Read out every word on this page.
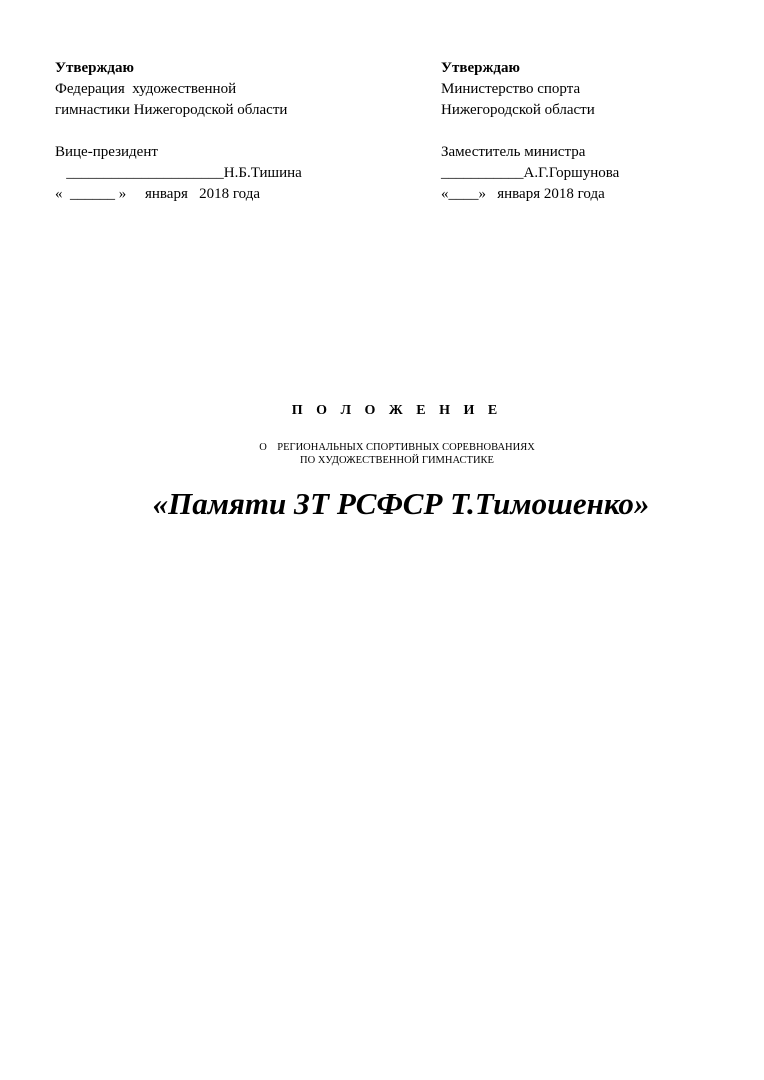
Утверждаю
Федерация  художественной
гимнастики Нижегородской области
Вице-президент
_____________________Н.Б.Тишина
«  ______ »     января   2018 года
Утверждаю
Министерство спорта
Нижегородской области
Заместитель министра
___________А.Г.Горшунова
«____»   января 2018 года
П О Л О Ж Е Н И Е
О    РЕГИОНАЛЬНЫХ СПОРТИВНЫХ СОРЕВНОВАНИЯХ
ПО ХУДОЖЕСТВЕННОЙ ГИМНАСТИКЕ
«Памяти ЗТ РСФСР Т.Тимошенко»
